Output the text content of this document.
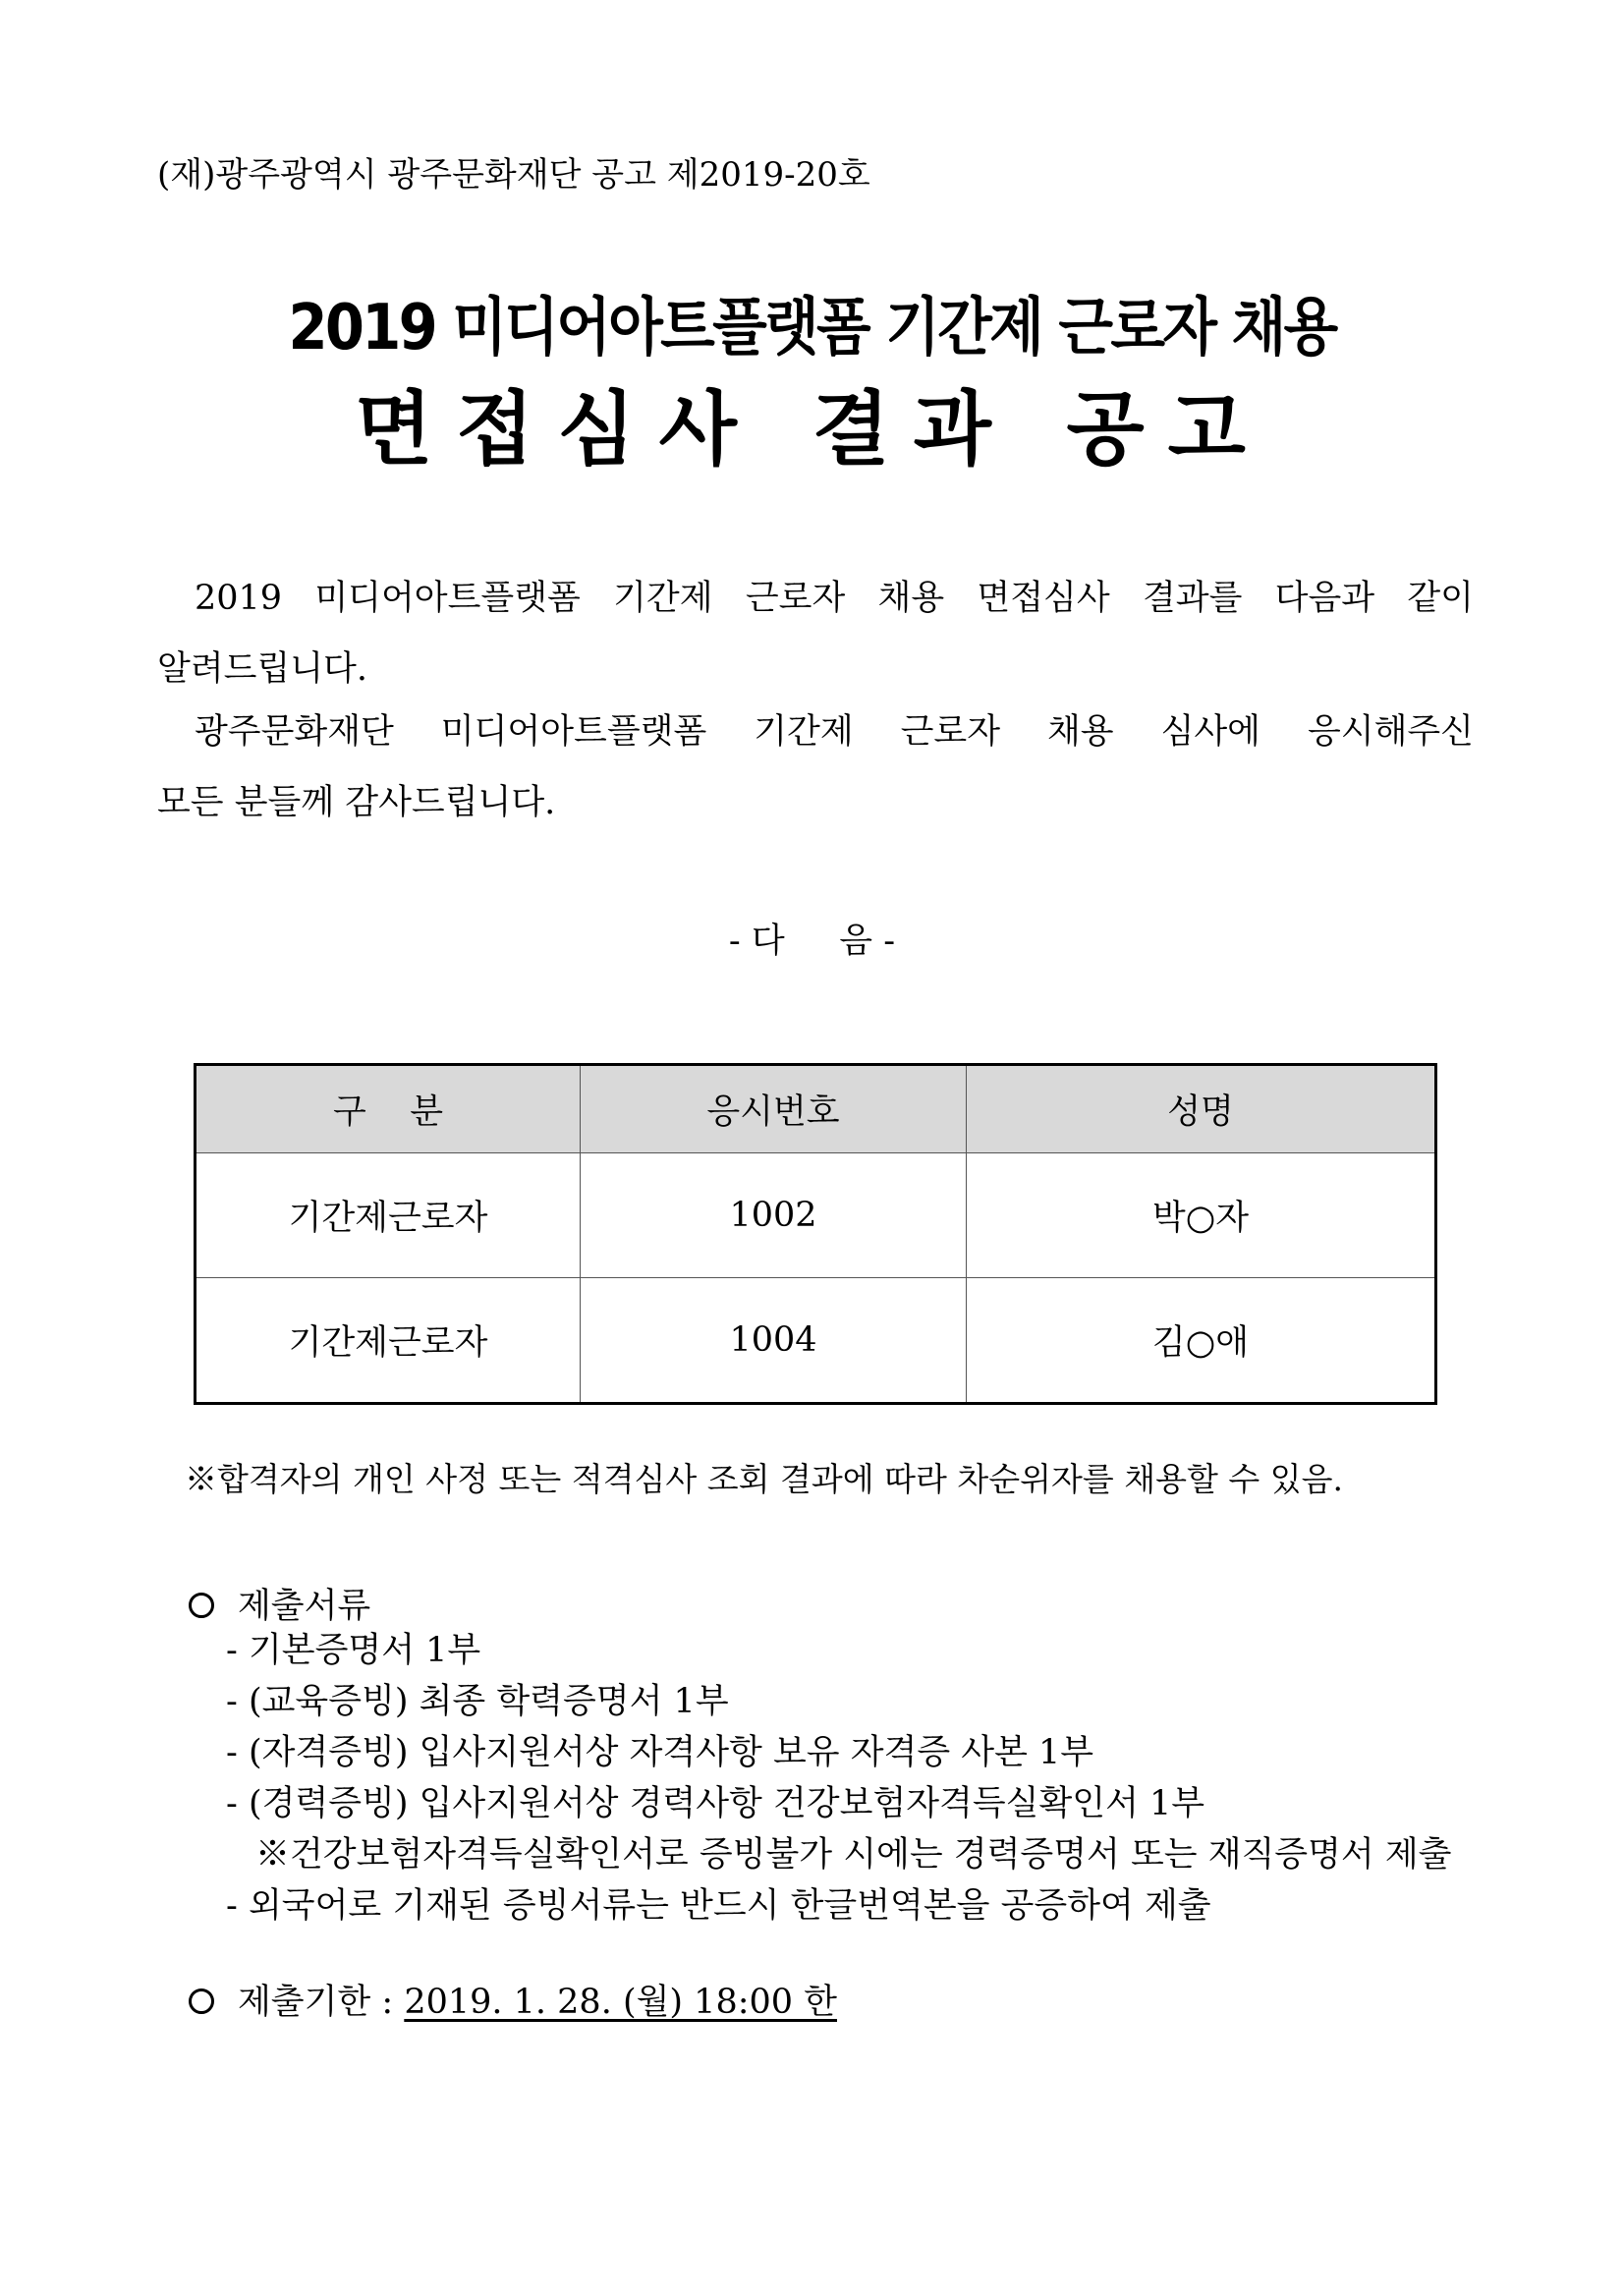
(재)광주광역시 광주문화재단 공고 제2019-20호
2019 미디어아트플랫폼 기간제 근로자 채용
면접심사 결과 공고
2019 미디어아트플랫폼 기간제 근로자 채용 면접심사 결과를 다음과 같이
알려드립니다.
광주문화재단 미디어아트플랫폼 기간제 근로자 채용 심사에 응시해주신
모든 분들께 감사드립니다.
- 다     음 -
구    분	응시번호	성명
기간제근로자	1002	박○자
기간제근로자	1004	김○애
※합격자의 개인 사정 또는 적격심사 조회 결과에 따라 차순위자를 채용할 수 있음.
제출서류
- 기본증명서 1부
- (교육증빙) 최종 학력증명서 1부
- (자격증빙) 입사지원서상 자격사항 보유 자격증 사본 1부
- (경력증빙) 입사지원서상 경력사항 건강보험자격득실확인서 1부
※건강보험자격득실확인서로 증빙불가 시에는 경력증명서 또는 재직증명서 제출
- 외국어로 기재된 증빙서류는 반드시 한글번역본을 공증하여 제출
제출기한 : 2019. 1. 28. (월) 18:00 한
